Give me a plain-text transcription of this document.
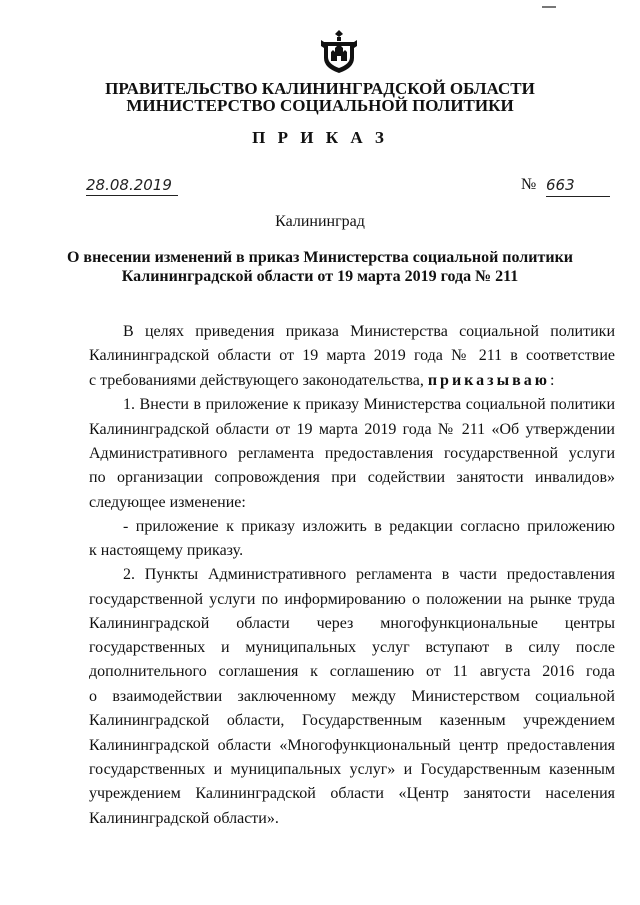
ПРАВИТЕЛЬСТВО КАЛИНИНГРАДСКОЙ ОБЛАСТИ
МИНИСТЕРСТВО СОЦИАЛЬНОЙ ПОЛИТИКИ
П Р И К А З
28.08.2019	№ 663
Калининград
О внесении изменений в приказ Министерства социальной политики
Калининградской области от 19 марта 2019 года № 211
В целях приведения приказа Министерства социальной политики
Калининградской области от 19 марта 2019 года № 211 в соответствие
с требованиями действующего законодательства, приказываю:
1. Внести в приложение к приказу Министерства социальной политики
Калининградской области от 19 марта 2019 года № 211 «Об утверждении
Административного регламента предоставления государственной услуги
по организации сопровождения при содействии занятости инвалидов»
следующее изменение:
- приложение к приказу изложить в редакции согласно приложению
к настоящему приказу.
2. Пункты Административного регламента в части предоставления
государственной услуги по информированию о положении на рынке труда
Калининградской области через многофункциональные центры
государственных и муниципальных услуг вступают в силу после
дополнительного соглашения к соглашению от 11 августа 2016 года
о взаимодействии заключенному между Министерством социальной
Калининградской области, Государственным казенным учреждением
Калининградской области «Многофункциональный центр предоставления
государственных и муниципальных услуг» и Государственным казенным
учреждением Калининградской области «Центр занятости населения
Калининградской области».
